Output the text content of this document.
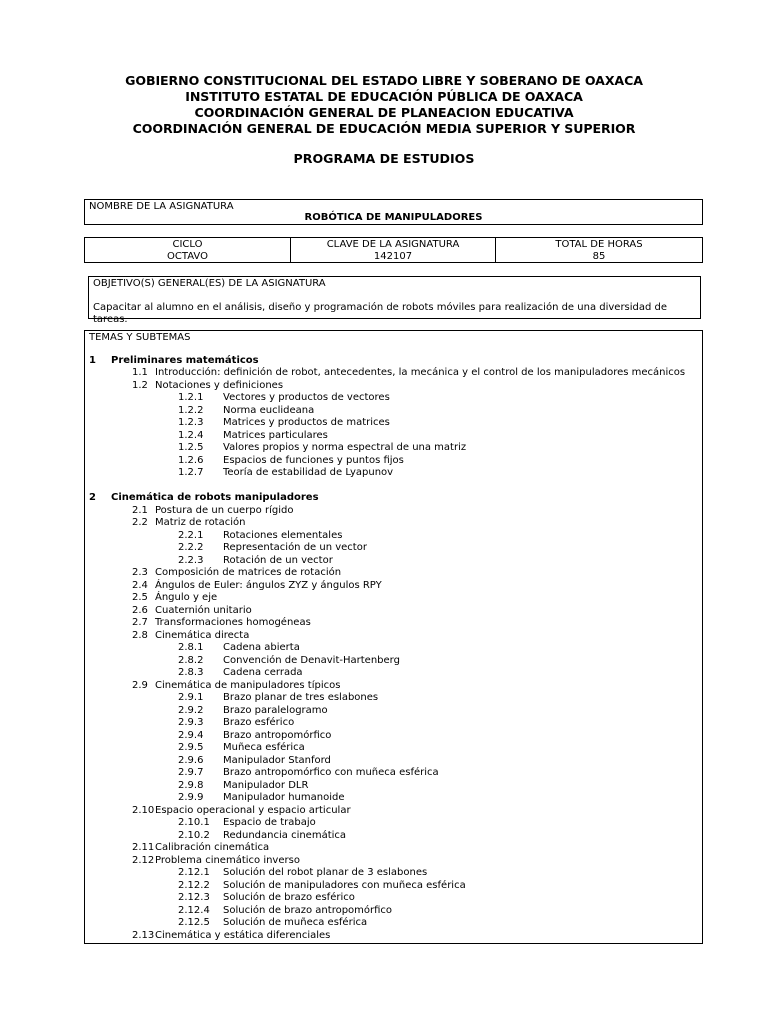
GOBIERNO CONSTITUCIONAL DEL ESTADO LIBRE Y SOBERANO DE OAXACA
INSTITUTO ESTATAL DE EDUCACIÓN PÚBLICA DE OAXACA
COORDINACIÓN GENERAL DE PLANEACION EDUCATIVA
COORDINACIÓN GENERAL DE EDUCACIÓN MEDIA SUPERIOR Y SUPERIOR
PROGRAMA DE ESTUDIOS
NOMBRE DE LA ASIGNATURA
ROBÓTICA DE MANIPULADORES
CICLO
OCTAVO
CLAVE DE LA ASIGNATURA
142107
TOTAL DE HORAS
85
OBJETIVO(S) GENERAL(ES) DE LA ASIGNATURA
Capacitar al alumno en el análisis, diseño y programación de robots móviles para realización de una diversidad de tareas.
TEMAS Y SUBTEMAS
1 Preliminares matemáticos
1.1 Introducción: definición de robot, antecedentes, la mecánica y el control de los manipuladores mecánicos
1.2 Notaciones y definiciones
1.2.1 Vectores y productos de vectores
1.2.2 Norma euclideana
1.2.3 Matrices y productos de matrices
1.2.4 Matrices particulares
1.2.5 Valores propios y norma espectral de una matriz
1.2.6 Espacios de funciones y puntos fijos
1.2.7 Teoría de estabilidad de Lyapunov
2 Cinemática de robots manipuladores
2.1 Postura de un cuerpo rígido
2.2 Matriz de rotación
2.2.1 Rotaciones elementales
2.2.2 Representación de un vector
2.2.3 Rotación de un vector
2.3 Composición de matrices de rotación
2.4 Ángulos de Euler: ángulos ZYZ y ángulos RPY
2.5 Ángulo y eje
2.6 Cuaternión unitario
2.7 Transformaciones homogéneas
2.8 Cinemática directa
2.8.1 Cadena abierta
2.8.2 Convención de Denavit-Hartenberg
2.8.3 Cadena cerrada
2.9 Cinemática de manipuladores típicos
2.9.1 Brazo planar de tres eslabones
2.9.2 Brazo paralelogramo
2.9.3 Brazo esférico
2.9.4 Brazo antropomórfico
2.9.5 Muñeca esférica
2.9.6 Manipulador Stanford
2.9.7 Brazo antropomórfico con muñeca esférica
2.9.8 Manipulador DLR
2.9.9 Manipulador humanoide
2.10 Espacio operacional y espacio articular
2.10.1 Espacio de trabajo
2.10.2 Redundancia cinemática
2.11 Calibración cinemática
2.12 Problema cinemático inverso
2.12.1 Solución del robot planar de 3 eslabones
2.12.2 Solución de manipuladores con muñeca esférica
2.12.3 Solución de brazo esférico
2.12.4 Solución de brazo antropomórfico
2.12.5 Solución de muñeca esférica
2.13 Cinemática y estática diferenciales
